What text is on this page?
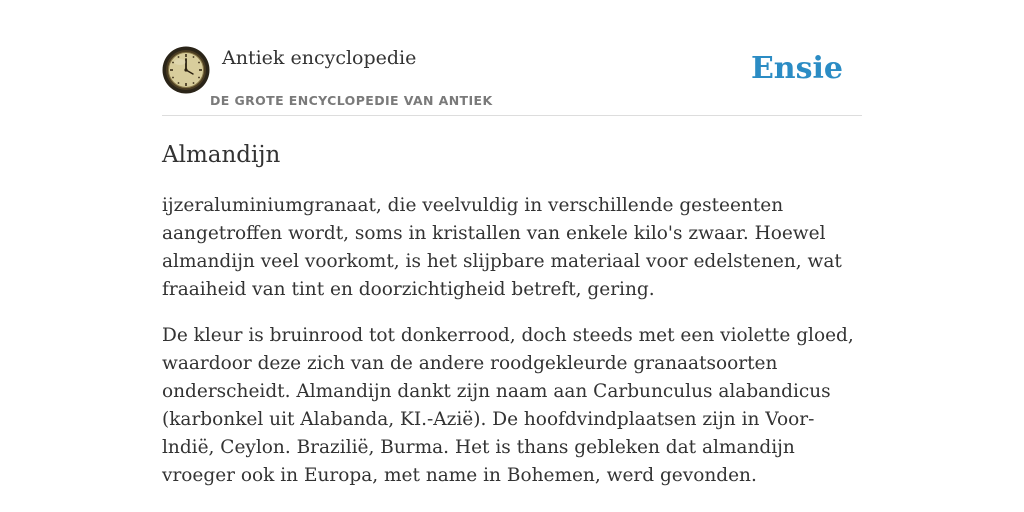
Antiek encyclopedie
DE GROTE ENCYCLOPEDIE VAN ANTIEK
Ensie
Almandijn

ijzeraluminiumgranaat, die veelvuldig in verschillende gesteenten aangetroffen wordt, soms in kristallen van enkele kilo's zwaar. Hoewel almandijn veel voorkomt, is het slijpbare materiaal voor edelstenen, wat fraaiheid van tint en doorzichtigheid betreft, gering.

De kleur is bruinrood tot donkerrood, doch steeds met een violette gloed, waardoor deze zich van de andere roodgekleurde granaatsoorten onderscheidt. Almandijn dankt zijn naam aan Carbunculus alabandicus (karbonkel uit Alabanda, KI.-Azië). De hoofdvindplaatsen zijn in Voor-lndië, Ceylon. Brazilië, Burma. Het is thans gebleken dat almandijn vroeger ook in Europa, met name in Bohemen, werd gevonden.
